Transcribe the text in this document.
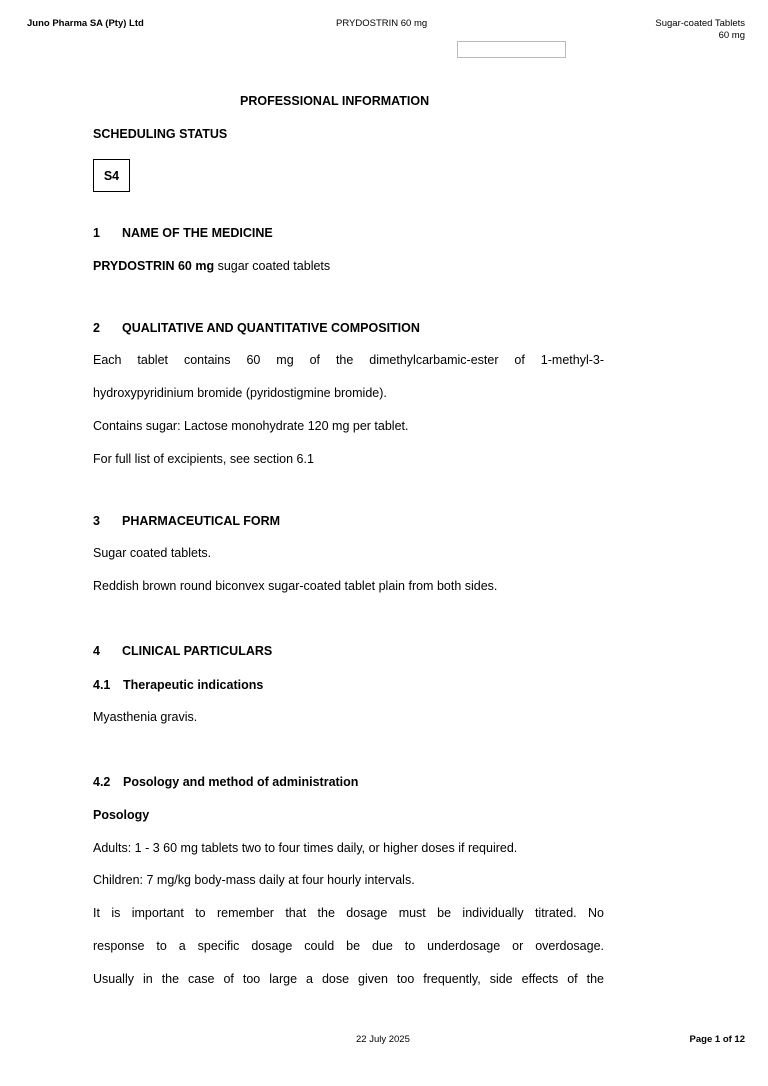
Juno Pharma SA (Pty) Ltd	PRYDOSTRIN 60 mg	Sugar-coated Tablets
60 mg
PROFESSIONAL INFORMATION
SCHEDULING STATUS
S4
1 NAME OF THE MEDICINE
PRYDOSTRIN 60 mg sugar coated tablets
2 QUALITATIVE AND QUANTITATIVE COMPOSITION
Each tablet contains 60 mg of the dimethylcarbamic-ester of 1-methyl-3-
hydroxypyridinium bromide (pyridostigmine bromide).
Contains sugar: Lactose monohydrate 120 mg per tablet.
For full list of excipients, see section 6.1
3 PHARMACEUTICAL FORM
Sugar coated tablets.
Reddish brown round biconvex sugar-coated tablet plain from both sides.
4 CLINICAL PARTICULARS
4.1 Therapeutic indications
Myasthenia gravis.
4.2 Posology and method of administration
Posology
Adults: 1 - 3 60 mg tablets two to four times daily, or higher doses if required.
Children: 7 mg/kg body-mass daily at four hourly intervals.
It is important to remember that the dosage must be individually titrated. No
response to a specific dosage could be due to underdosage or overdosage.
Usually in the case of too large a dose given too frequently, side effects of the
22 July 2025	Page 1 of 12
